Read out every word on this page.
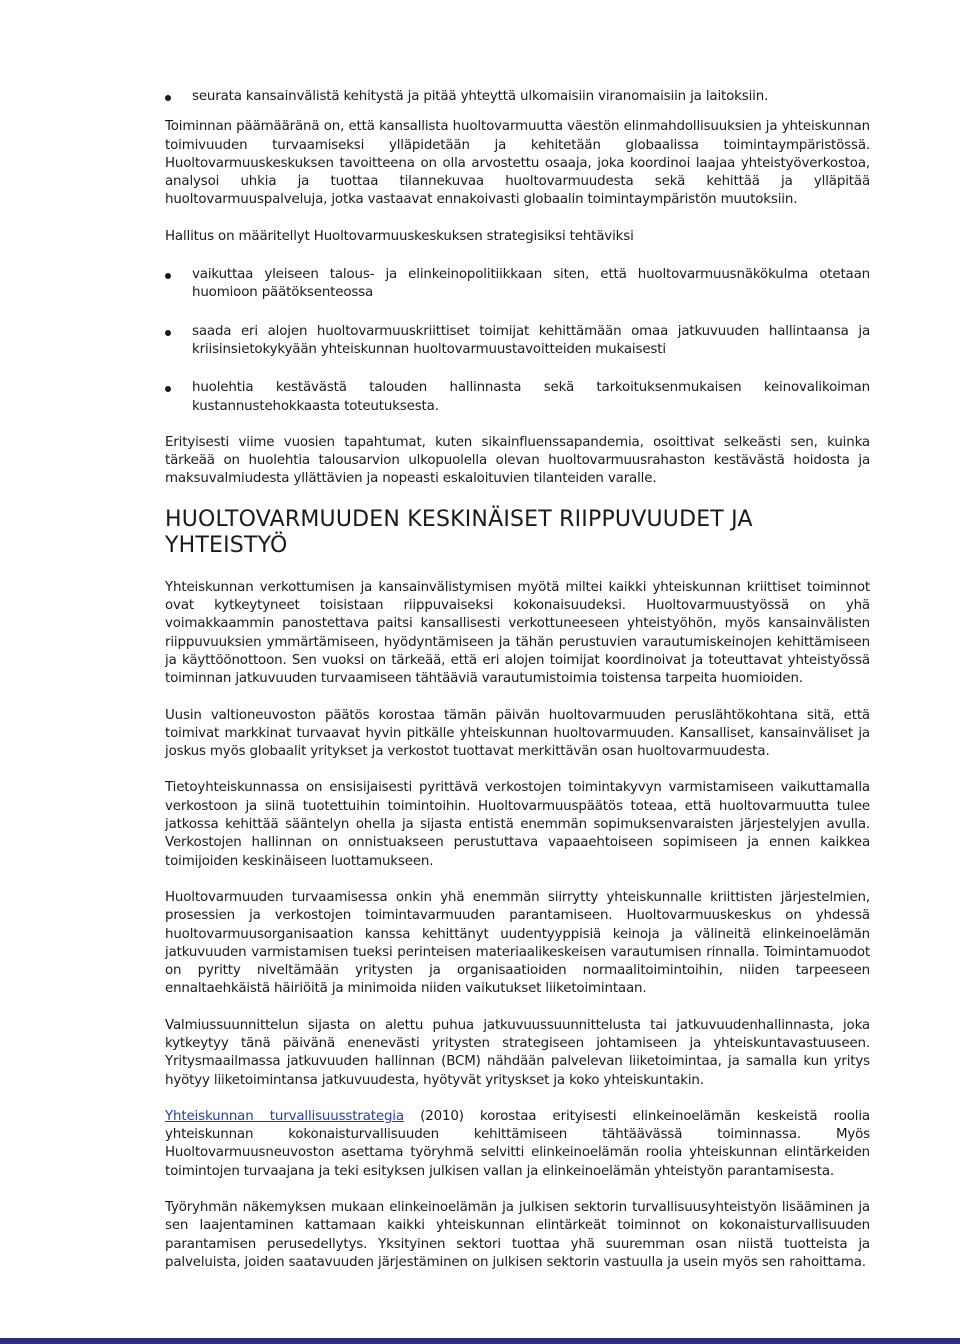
seurata kansainvälistä kehitystä ja pitää yhteyttä ulkomaisiin viranomaisiin ja laitoksiin.

Toiminnan päämääränä on, että kansallista huoltovarmuutta väestön elinmahdollisuuksien ja yhteiskunnan toimivuuden turvaamiseksi ylläpidetään ja kehitetään globaalissa toimintaympäristössä. Huoltovarmuuskeskuksen tavoitteena on olla arvostettu osaaja, joka koordinoi laajaa yhteistyöverkostoa, analysoi uhkia ja tuottaa tilannekuvaa huoltovarmuudesta sekä kehittää ja ylläpitää huoltovarmuuspalveluja, jotka vastaavat ennakoivasti globaalin toimintaympäristön muutoksiin.

Hallitus on määritellyt Huoltovarmuuskeskuksen strategisiksi tehtäviksi

vaikuttaa yleiseen talous- ja elinkeinopolitiikkaan siten, että huoltovarmuusnäkökulma otetaan huomioon päätöksenteossa

saada eri alojen huoltovarmuuskriittiset toimijat kehittämään omaa jatkuvuuden hallintaansa ja kriisinsietokykyään yhteiskunnan huoltovarmuustavoitteiden mukaisesti

huolehtia kestävästä talouden hallinnasta sekä tarkoituksenmukaisen keinovalikoiman kustannustehokkaasta toteutuksesta.

Erityisesti viime vuosien tapahtumat, kuten sikainfluenssapandemia, osoittivat selkeästi sen, kuinka tärkeää on huolehtia talousarvion ulkopuolella olevan huoltovarmuusrahaston kestävästä hoidosta ja maksuvalmiudesta yllättävien ja nopeasti eskaloituvien tilanteiden varalle.

HUOLTOVARMUUDEN KESKINÄISET RIIPPUVUUDET JA YHTEISTYÖ

Yhteiskunnan verkottumisen ja kansainvälistymisen myötä miltei kaikki yhteiskunnan kriittiset toiminnot ovat kytkeytyneet toisistaan riippuvaiseksi kokonaisuudeksi. Huoltovarmuustyössä on yhä voimakkaammin panostettava paitsi kansallisesti verkottuneeseen yhteistyöhön, myös kansainvälisten riippuvuuksien ymmärtämiseen, hyödyntämiseen ja tähän perustuvien varautumiskeinojen kehittämiseen ja käyttöönottoon. Sen vuoksi on tärkeää, että eri alojen toimijat koordinoivat ja toteuttavat yhteistyössä toiminnan jatkuvuuden turvaamiseen tähtääviä varautumistoimia toistensa tarpeita huomioiden.

Uusin valtioneuvoston päätös korostaa tämän päivän huoltovarmuuden peruslähtökohtana sitä, että toimivat markkinat turvaavat hyvin pitkälle yhteiskunnan huoltovarmuuden. Kansalliset, kansainväliset ja joskus myös globaalit yritykset ja verkostot tuottavat merkittävän osan huoltovarmuudesta.

Tietoyhteiskunnassa on ensisijaisesti pyrittävä verkostojen toimintakyvyn varmistamiseen vaikuttamalla verkostoon ja siinä tuotettuihin toimintoihin. Huoltovarmuuspäätös toteaa, että huoltovarmuutta tulee jatkossa kehittää sääntelyn ohella ja sijasta entistä enemmän sopimuksenvaraisten järjestelyjen avulla. Verkostojen hallinnan on onnistuakseen perustuttava vapaaehtoiseen sopimiseen ja ennen kaikkea toimijoiden keskinäiseen luottamukseen.

Huoltovarmuuden turvaamisessa onkin yhä enemmän siirrytty yhteiskunnalle kriittisten järjestelmien, prosessien ja verkostojen toimintavarmuuden parantamiseen. Huoltovarmuuskeskus on yhdessä huoltovarmuusorganisaation kanssa kehittänyt uudentyyppisiä keinoja ja välineitä elinkeinoelämän jatkuvuuden varmistamisen tueksi perinteisen materiaalikeskeisen varautumisen rinnalla. Toimintamuodot on pyritty niveltämään yritysten ja organisaatioiden normaalitoimintoihin, niiden tarpeeseen ennaltaehkäistä häiriöitä ja minimoida niiden vaikutukset liiketoimintaan.

Valmiussuunnittelun sijasta on alettu puhua jatkuvuussuunnittelusta tai jatkuvuudenhallinnasta, joka kytkeytyy tänä päivänä enenevästi yritysten strategiseen johtamiseen ja yhteiskuntavastuuseen. Yritysmaailmassa jatkuvuuden hallinnan (BCM) nähdään palvelevan liiketoimintaa, ja samalla kun yritys hyötyy liiketoimintansa jatkuvuudesta, hyötyvät yrityskset ja koko yhteiskuntakin.

Yhteiskunnan turvallisuusstrategia (2010) korostaa erityisesti elinkeinoelämän keskeistä roolia yhteiskunnan kokonaisturvallisuuden kehittämiseen tähtäävässä toiminnassa. Myös Huoltovarmuusneuvoston asettama työryhmä selvitti elinkeinoelämän roolia yhteiskunnan elintärkeiden toimintojen turvaajana ja teki esityksen julkisen vallan ja elinkeinoelämän yhteistyön parantamisesta.

Työryhmän näkemyksen mukaan elinkeinoelämän ja julkisen sektorin turvallisuusyhteistyön lisääminen ja sen laajentaminen kattamaan kaikki yhteiskunnan elintärkeät toiminnot on kokonaisturvallisuuden parantamisen perusedellytys. Yksityinen sektori tuottaa yhä suuremman osan niistä tuotteista ja palveluista, joiden saatavuuden järjestäminen on julkisen sektorin vastuulla ja usein myös sen rahoittama.
